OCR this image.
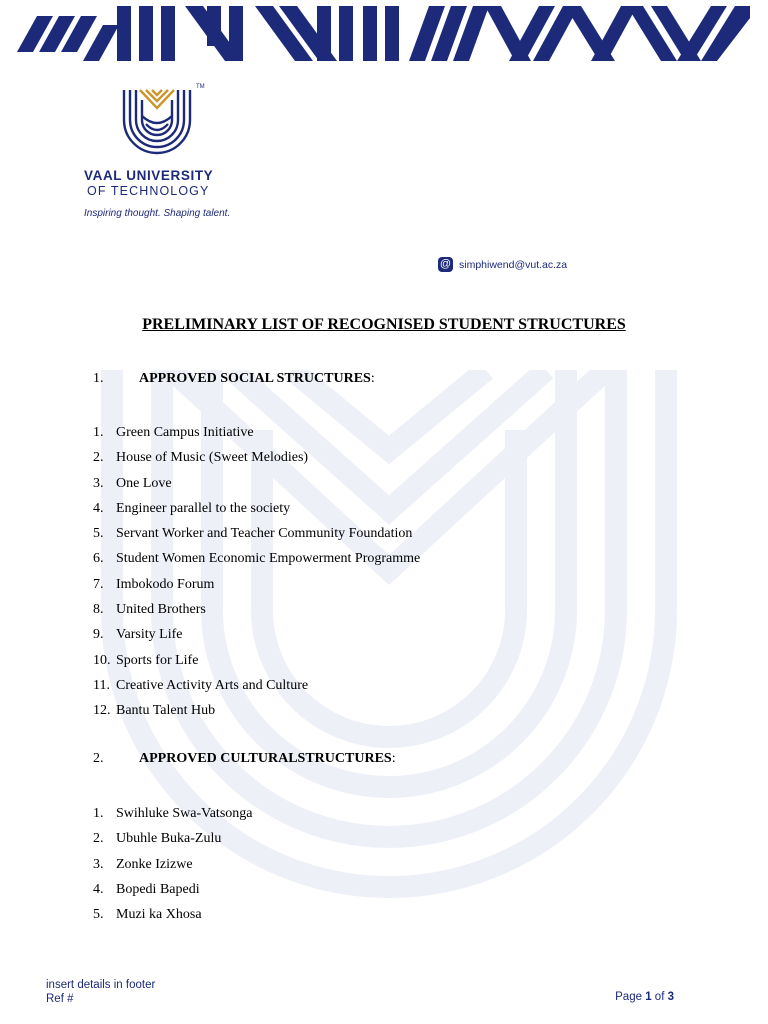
TM
VAAL UNIVERSITY
OF TECHNOLOGY
Inspiring thought. Shaping talent.
@ simphiwend@vut.ac.za
PRELIMINARY LIST OF RECOGNISED STUDENT STRUCTURES
1.	APPROVED SOCIAL STRUCTURES:
1. Green Campus Initiative
2. House of Music (Sweet Melodies)
3. One Love
4. Engineer parallel to the society
5. Servant Worker and Teacher Community Foundation
6. Student Women Economic Empowerment Programme
7. Imbokodo Forum
8. United Brothers
9. Varsity Life
10. Sports for Life
11. Creative Activity Arts and Culture
12. Bantu Talent Hub
2.	APPROVED CULTURALSTRUCTURES:
1. Swihluke Swa-Vatsonga
2. Ubuhle Buka-Zulu
3. Zonke Izizwe
4. Bopedi Bapedi
5. Muzi ka Xhosa
insert details in footer
Ref #	Page 1 of 3
